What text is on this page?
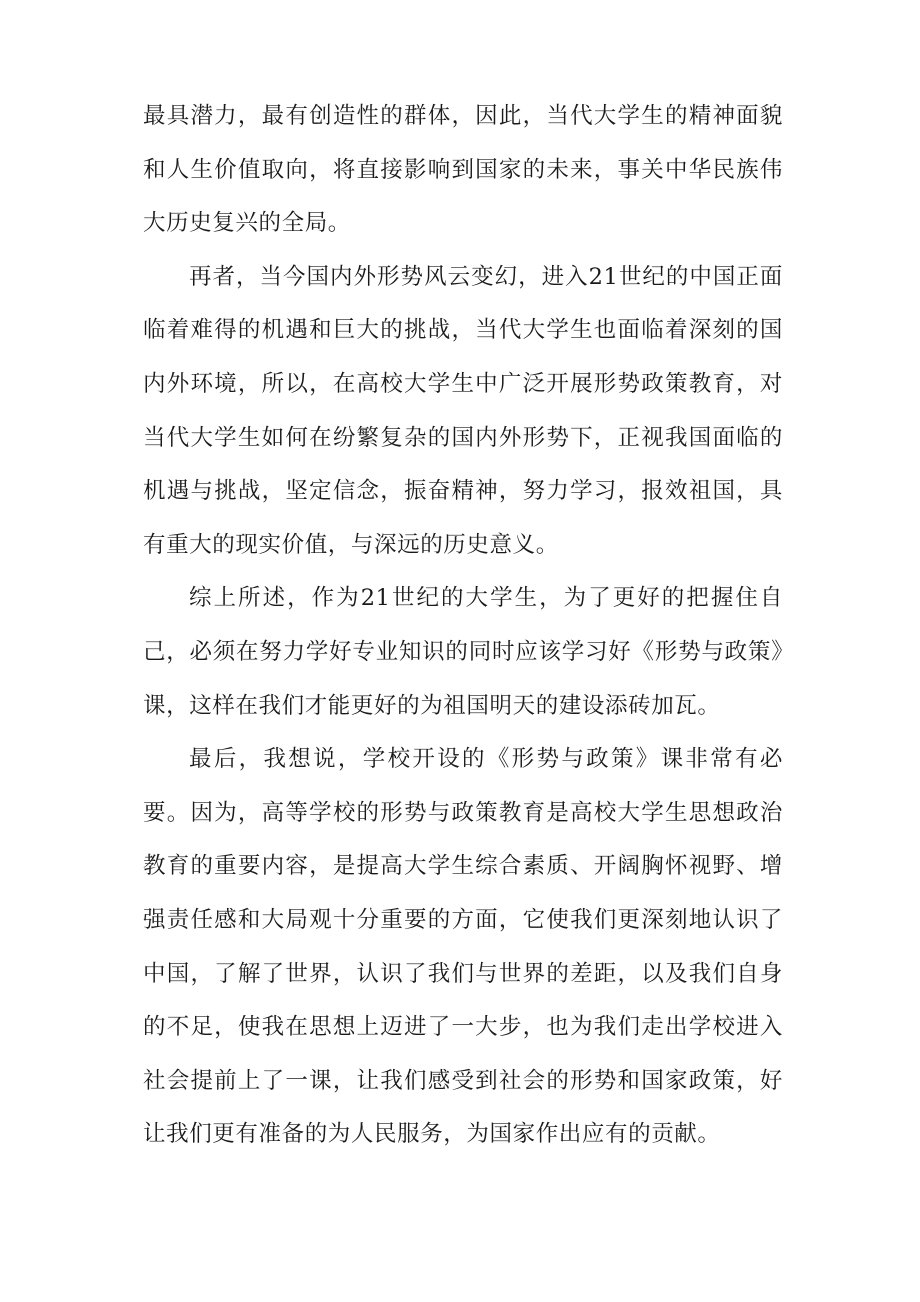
最具潜力，最有创造性的群体，因此，当代大学生的精神面貌和人生价值取向，将直接影响到国家的未来，事关中华民族伟大历史复兴的全局。

再者，当今国内外形势风云变幻，进入21世纪的中国正面临着难得的机遇和巨大的挑战，当代大学生也面临着深刻的国内外环境，所以，在高校大学生中广泛开展形势政策教育，对当代大学生如何在纷繁复杂的国内外形势下，正视我国面临的机遇与挑战，坚定信念，振奋精神，努力学习，报效祖国，具有重大的现实价值，与深远的历史意义。

综上所述，作为21世纪的大学生，为了更好的把握住自己，必须在努力学好专业知识的同时应该学习好《形势与政策》课，这样在我们才能更好的为祖国明天的建设添砖加瓦。

最后，我想说，学校开设的《形势与政策》课非常有必要。因为，高等学校的形势与政策教育是高校大学生思想政治教育的重要内容，是提高大学生综合素质、开阔胸怀视野、增强责任感和大局观十分重要的方面，它使我们更深刻地认识了中国，了解了世界，认识了我们与世界的差距，以及我们自身的不足，使我在思想上迈进了一大步，也为我们走出学校进入社会提前上了一课，让我们感受到社会的形势和国家政策，好让我们更有准备的为人民服务，为国家作出应有的贡献。
